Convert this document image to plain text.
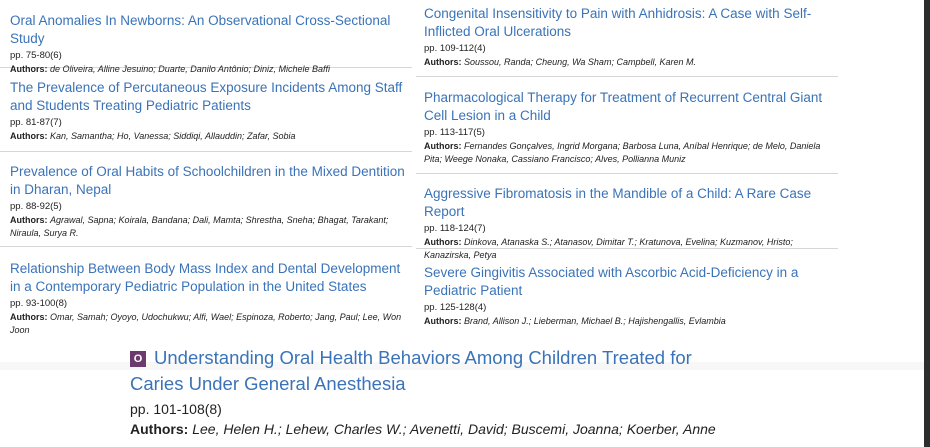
Oral Anomalies In Newborns: An Observational Cross-Sectional Study
pp. 75-80(6)
Authors: de Oliveira, Alline Jesuino; Duarte, Danilo Antônio; Diniz, Michele Baffi
The Prevalence of Percutaneous Exposure Incidents Among Staff and Students Treating Pediatric Patients
pp. 81-87(7)
Authors: Kan, Samantha; Ho, Vanessa; Siddiqi, Allauddin; Zafar, Sobia
Prevalence of Oral Habits of Schoolchildren in the Mixed Dentition in Dharan, Nepal
pp. 88-92(5)
Authors: Agrawal, Sapna; Koirala, Bandana; Dali, Mamta; Shrestha, Sneha; Bhagat, Tarakant; Niraula, Surya R.
Relationship Between Body Mass Index and Dental Development in a Contemporary Pediatric Population in the United States
pp. 93-100(8)
Authors: Omar, Samah; Oyoyo, Udochukwu; Alfi, Wael; Espinoza, Roberto; Jang, Paul; Lee, Won Joon
Congenital Insensitivity to Pain with Anhidrosis: A Case with Self-Inflicted Oral Ulcerations
pp. 109-112(4)
Authors: Soussou, Randa; Cheung, Wa Sham; Campbell, Karen M.
Pharmacological Therapy for Treatment of Recurrent Central Giant Cell Lesion in a Child
pp. 113-117(5)
Authors: Fernandes Gonçalves, Ingrid Morgana; Barbosa Luna, Aníbal Henrique; de Melo, Daniela Pita; Weege Nonaka, Cassiano Francisco; Alves, Pollianna Muniz
Aggressive Fibromatosis in the Mandible of a Child: A Rare Case Report
pp. 118-124(7)
Authors: Dinkova, Atanaska S.; Atanasov, Dimitar T.; Kratunova, Evelina; Kuzmanov, Hristo; Kanazirska, Petya
Severe Gingivitis Associated with Ascorbic Acid-Deficiency in a Pediatric Patient
pp. 125-128(4)
Authors: Brand, Allison J.; Lieberman, Michael B.; Hajishengallis, Evlambia
O Understanding Oral Health Behaviors Among Children Treated for Caries Under General Anesthesia
pp. 101-108(8)
Authors: Lee, Helen H.; Lehew, Charles W.; Avenetti, David; Buscemi, Joanna; Koerber, Anne
